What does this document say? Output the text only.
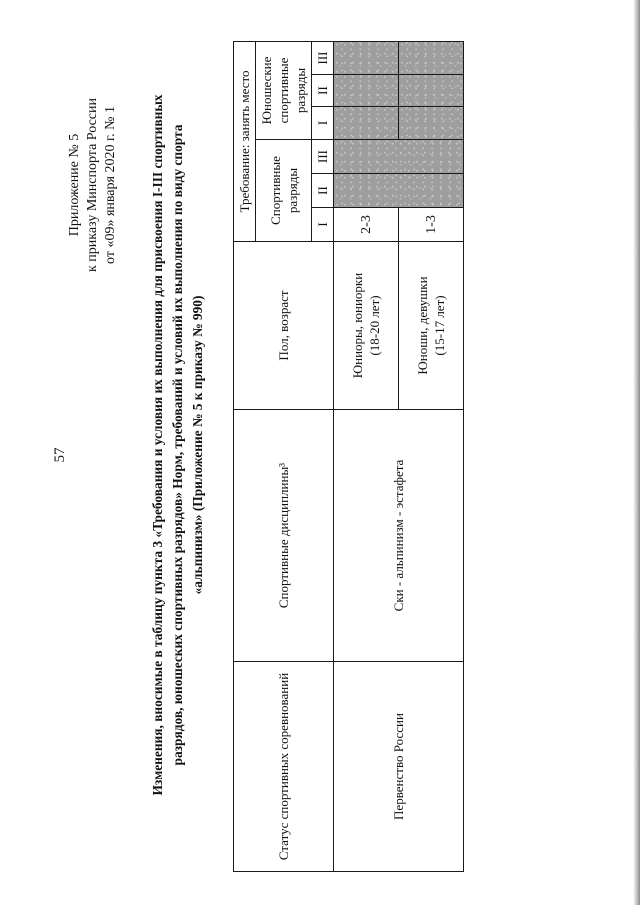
57
Приложение № 5 к приказу Минспорта России от «09» января 2020 г. № 1 Изменения, вносимые в таблицу пункта 3 «Требования и условия их выполнения для присвоения I-III спортивных разрядов, юношеских спортивных разрядов» Норм, требований и условий их выполнения по виду спорта «альпинизм» (Приложение № 5 к приказу № 990)
Статус спортивных соревнований	Спортивные дисциплины³	Пол, возраст	Требование: занять место					
			Спортивные разряды			Юношеские спортивные разряды		
			I	II	III	I	II	III
Первенство России	Ски - альпинизм - эстафета	Юниоры, юниорки (18-20 лет)	2-3					

		Юноши, девушки (15-17 лет)	1-3					
